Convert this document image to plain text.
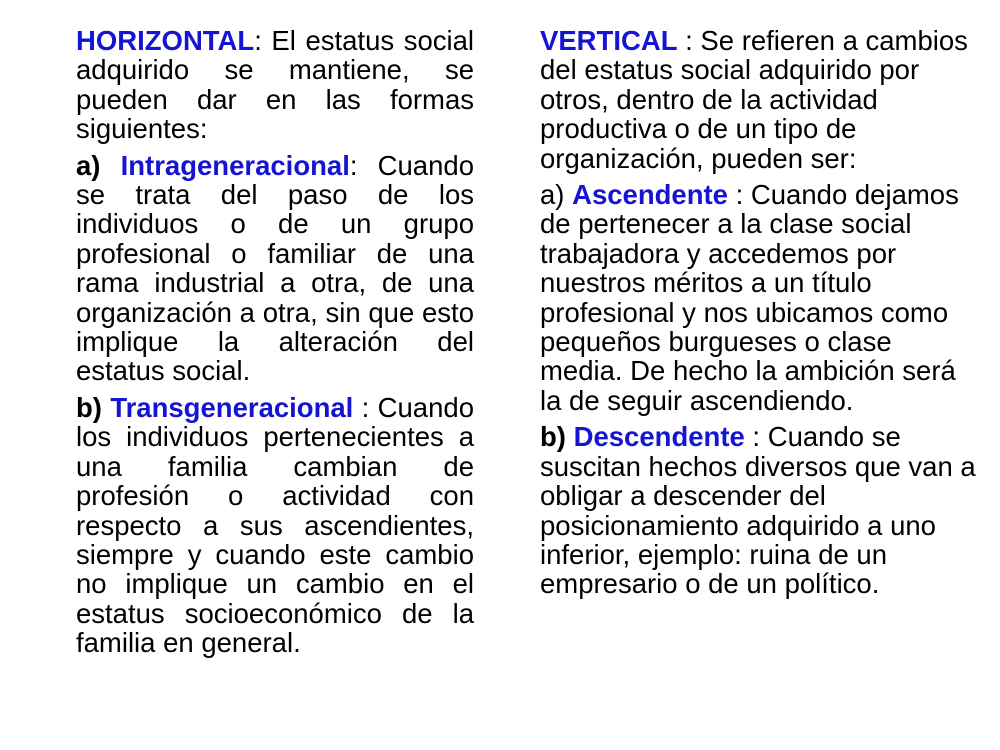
HORIZONTAL: El estatus social adquirido se mantiene, se pueden dar en las formas siguientes:

a) Intrageneracional: Cuando se trata del paso de los individuos o de un grupo profesional o familiar de una rama industrial a otra, de una organización a otra, sin que esto implique la alteración del estatus social.

b) Transgeneracional : Cuando los individuos pertenecientes a una familia cambian de profesión o actividad con respecto a sus ascendientes, siempre y cuando este cambio no implique un cambio en el estatus socioeconómico de la familia en general.

VERTICAL : Se refieren a cambios del estatus social adquirido por otros, dentro de la actividad productiva o de un tipo de organización, pueden ser:

a) Ascendente : Cuando dejamos de pertenecer a la clase social trabajadora y accedemos por nuestros méritos a un título profesional y nos ubicamos como pequeños burgueses o clase media. De hecho la ambición será la de seguir ascendiendo.

b) Descendente : Cuando se suscitan hechos diversos que van a obligar a descender del posicionamiento adquirido a uno inferior, ejemplo: ruina de un empresario o de un político.
